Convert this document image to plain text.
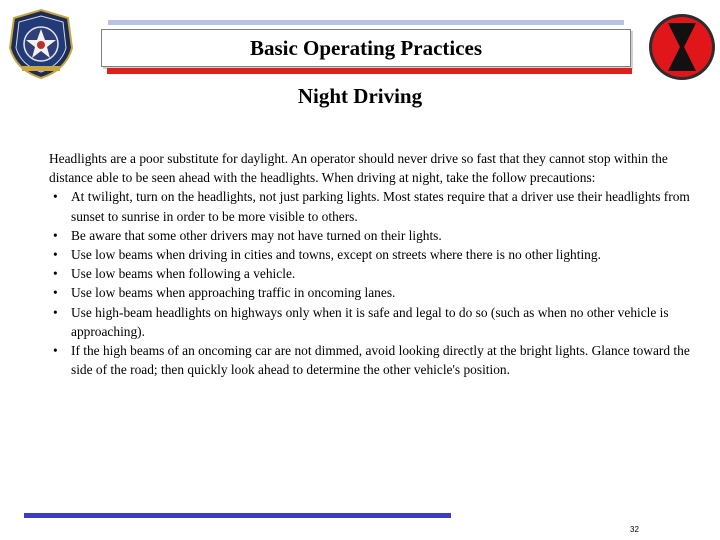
Basic Operating Practices
Night Driving

Headlights are a poor substitute for daylight. An operator should never drive so fast that they cannot stop within the distance able to be seen ahead with the headlights. When driving at night, take the follow precautions:

• At twilight, turn on the headlights, not just parking lights. Most states require that a driver use their headlights from sunset to sunrise in order to be more visible to others.
• Be aware that some other drivers may not have turned on their lights.
• Use low beams when driving in cities and towns, except on streets where there is no other lighting.
• Use low beams when following a vehicle.
• Use low beams when approaching traffic in oncoming lanes.
• Use high-beam headlights on highways only when it is safe and legal to do so (such as when no other vehicle is approaching).
• If the high beams of an oncoming car are not dimmed, avoid looking directly at the bright lights. Glance toward the side of the road; then quickly look ahead to determine the other vehicle's position.
32
